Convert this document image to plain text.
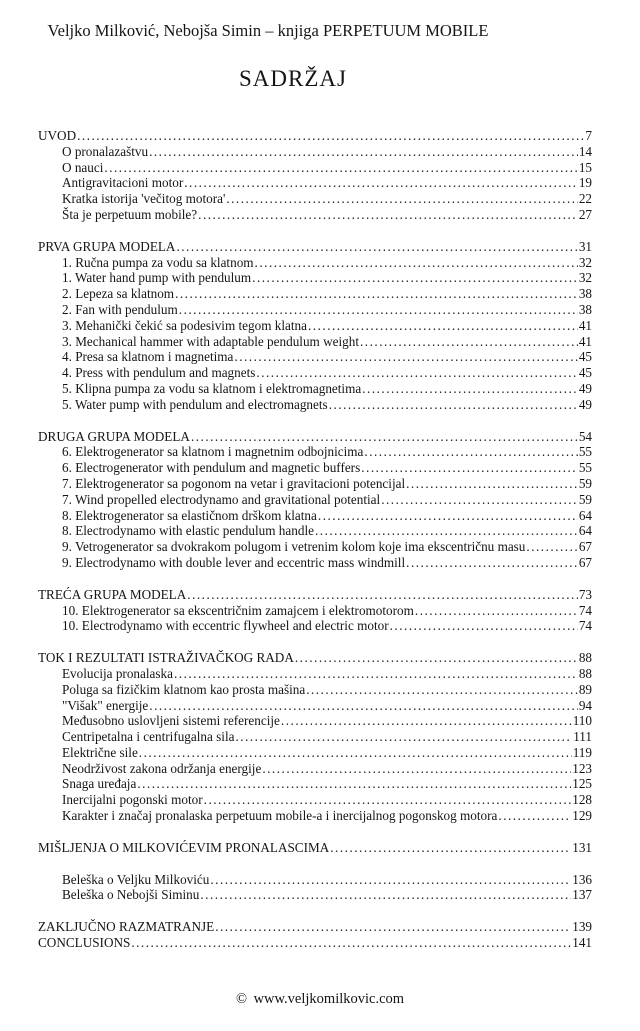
Veljko Milković, Nebojša Simin – knjiga PERPETUUM MOBILE
SADRŽAJ
UVOD .....	7
O pronalazaštvu .....	14
O nauci .....	15
Antigravitacioni motor .....	19
Kratka istorija 'večitog motora' .....	22
Šta je perpetuum mobile? .....	27
PRVA GRUPA MODELA .....	31
1. Ručna pumpa za vodu sa klatnom .....	32
1. Water hand pump with pendulum .....	32
2. Lepeza sa klatnom .....	38
2. Fan with pendulum .....	38
3. Mehanički čekić sa podesivim tegom klatna .....	41
3. Mechanical hammer with adaptable pendulum weight .....	41
4. Presa sa klatnom i magnetima .....	45
4. Press with pendulum and magnets .....	45
5. Klipna pumpa za vodu sa klatnom i elektromagnetima .....	49
5. Water pump with pendulum and electromagnets .....	49
DRUGA GRUPA MODELA .....	54
6. Elektrogenerator sa klatnom i magnetnim odbojnicima .....	55
6. Electrogenerator with pendulum and magnetic buffers .....	55
7. Elektrogenerator sa pogonom na vetar i gravitacioni potencijal .....	59
7. Wind propelled electrodynamo and gravitational potential .....	59
8. Elektrogenerator sa elastičnom drškom klatna .....	64
8. Electrodynamo with elastic pendulum handle .....	64
9. Vetrogenerator sa dvokrakom polugom i vetrenim kolom koje ima ekscentričnu masu .....	67
9. Electrodynamo with double lever and eccentric mass windmill .....	67
TREĆA GRUPA MODELA .....	73
10. Elektrogenerator sa ekscentričnim zamajcem i elektromotorom .....	74
10. Electrodynamo with eccentric flywheel and electric motor .....	74
TOK I REZULTATI ISTRAŽIVAČKOG RADA .....	88
Evolucija pronalaska .....	88
Poluga sa fizičkim klatnom kao prosta mašina .....	89
"Višak" energije .....	94
Međusobno uslovljeni sistemi referencije .....	110
Centripetalna i centrifugalna sila .....	111
Električne sile .....	119
Neodrživost zakona održanja energije .....	123
Snaga uređaja .....	125
Inercijalni pogonski motor .....	128
Karakter i značaj pronalaska perpetuum mobile-a i inercijalnog pogonskog motora .....	129
MIŠLJENJA O MILKOVIĆEVIM PRONALASCIMA .....	131
Beleška o Veljku Milkoviću .....	136
Beleška o Nebojši Siminu .....	137
ZAKLJUČNO RAZMATRANJE .....	139
CONCLUSIONS .....	141
© www.veljkomilkovic.com
